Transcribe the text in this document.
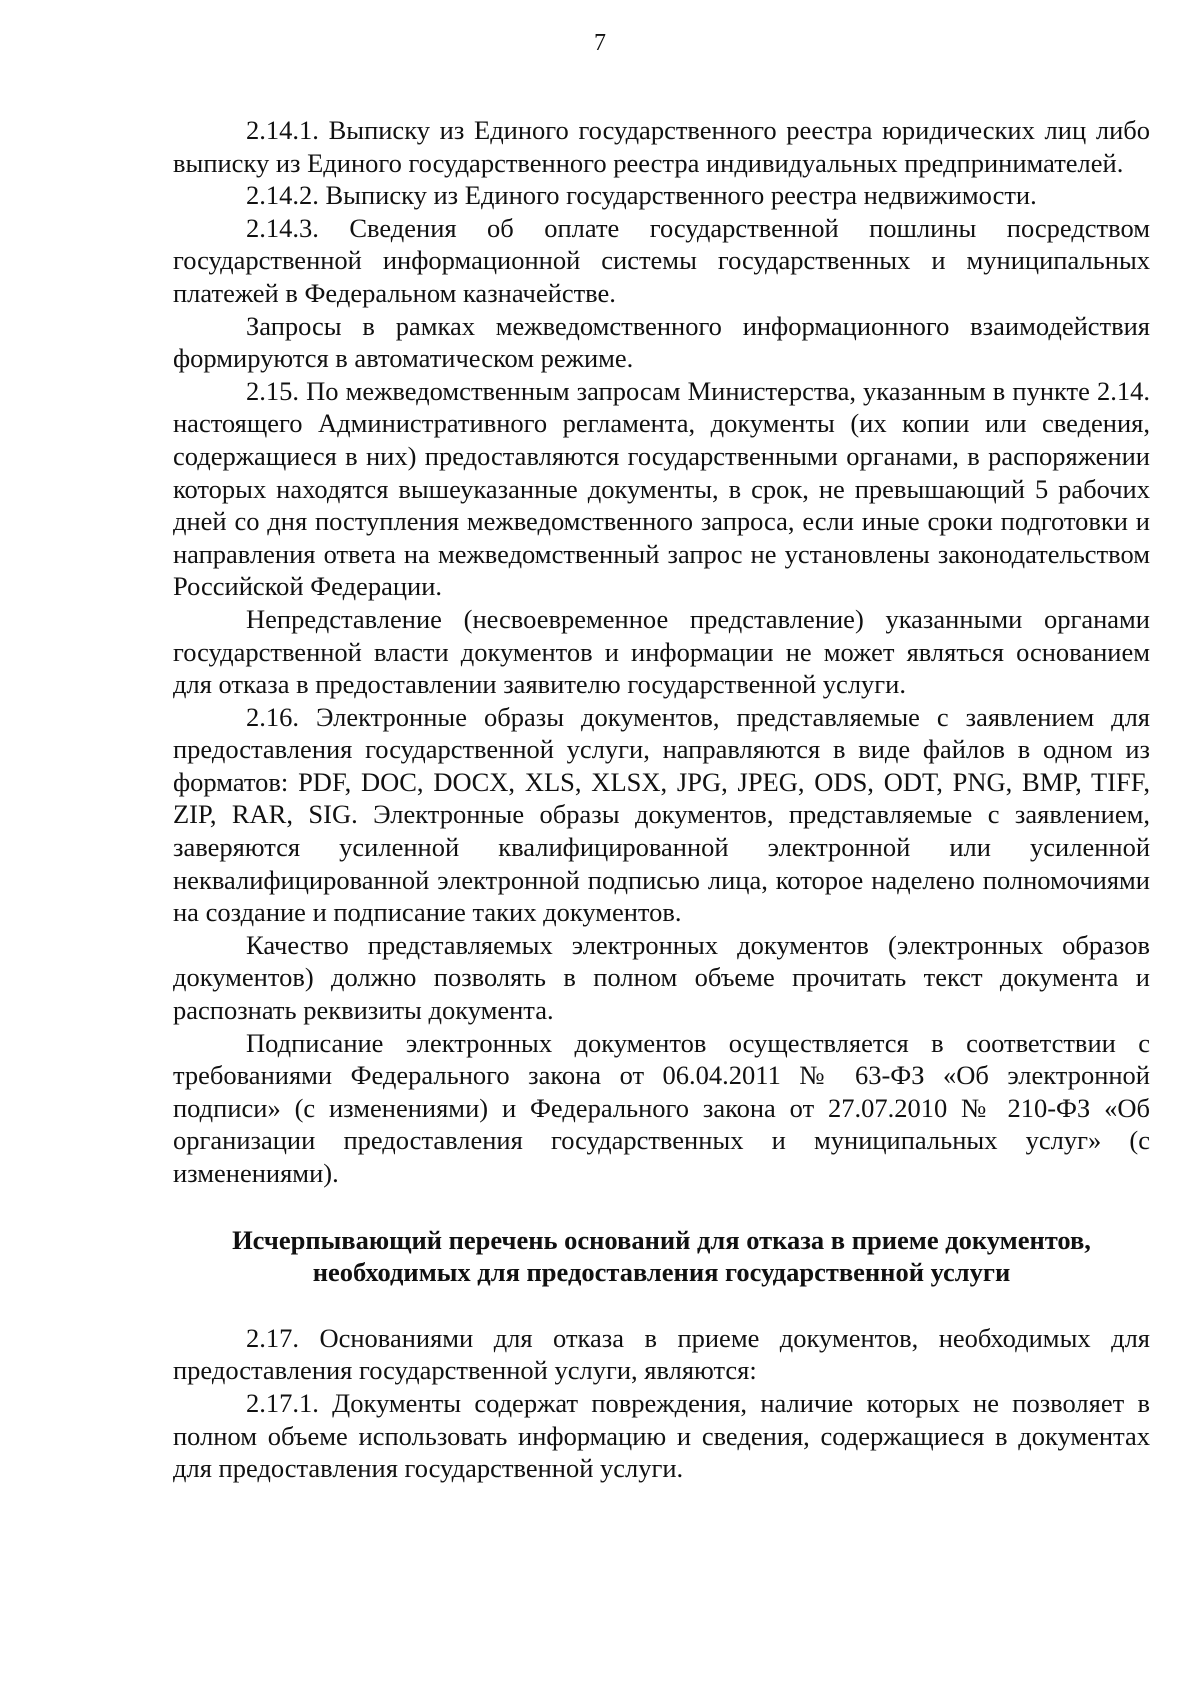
7

2.14.1. Выписку из Единого государственного реестра юридических лиц либо выписку из Единого государственного реестра индивидуальных предпринимателей.

2.14.2. Выписку из Единого государственного реестра недвижимости.

2.14.3. Сведения об оплате государственной пошлины посредством государственной информационной системы государственных и муниципальных платежей в Федеральном казначействе.

Запросы в рамках межведомственного информационного взаимодействия формируются в автоматическом режиме.

2.15. По межведомственным запросам Министерства, указанным в пункте 2.14. настоящего Административного регламента, документы (их копии или сведения, содержащиеся в них) предоставляются государственными органами, в распоряжении которых находятся вышеуказанные документы, в срок, не превышающий 5 рабочих дней со дня поступления межведомственного запроса, если иные сроки подготовки и направления ответа на межведомственный запрос не установлены законодательством Российской Федерации.

Непредставление (несвоевременное представление) указанными органами государственной власти документов и информации не может являться основанием для отказа в предоставлении заявителю государственной услуги.

2.16. Электронные образы документов, представляемые с заявлением для предоставления государственной услуги, направляются в виде файлов в одном из форматов: PDF, DOC, DOCX, XLS, XLSX, JPG, JPEG, ODS, ODT, PNG, BMP, TIFF, ZIP, RAR, SIG. Электронные образы документов, представляемые с заявлением, заверяются усиленной квалифицированной электронной или усиленной неквалифицированной электронной подписью лица, которое наделено полномочиями на создание и подписание таких документов.

Качество представляемых электронных документов (электронных образов документов) должно позволять в полном объеме прочитать текст документа и распознать реквизиты документа.

Подписание электронных документов осуществляется в соответствии с требованиями Федерального закона от 06.04.2011 № 63-ФЗ «Об электронной подписи» (с изменениями) и Федерального закона от 27.07.2010 № 210-ФЗ «Об организации предоставления государственных и муниципальных услуг» (с изменениями).

Исчерпывающий перечень оснований для отказа в приеме документов,
необходимых для предоставления государственной услуги

2.17. Основаниями для отказа в приеме документов, необходимых для предоставления государственной услуги, являются:

2.17.1. Документы содержат повреждения, наличие которых не позволяет в полном объеме использовать информацию и сведения, содержащиеся в документах для предоставления государственной услуги.
